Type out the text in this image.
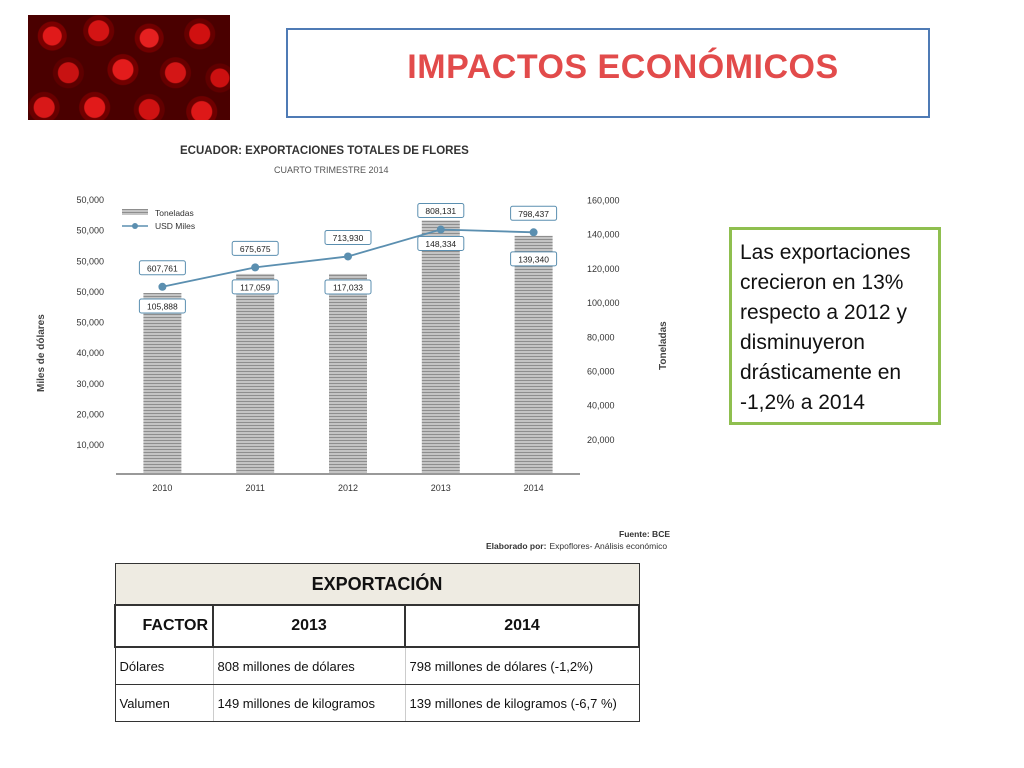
IMPACTOS ECONÓMICOS
ECUADOR: EXPORTACIONES TOTALES DE FLORES
CUARTO TRIMESTRE 2014
10,000
20,000
30,000
40,000
50,000
50,000
50,000
50,000
50,000
20,000
40,000
60,000
80,000
100,000
120,000
140,000
160,000
2010	2011	2012	2013	2014
607,761
675,675
713,930
808,131	798,437
105,888
117,059	117,033
148,334
139,340
Toneladas
USD Miles
Miles de dólares	Toneladas
Fuente: BCE
Elaborado por: Expoflores- Análisis económico
Las exportaciones crecieron en 13% respecto a 2012 y disminuyeron drásticamente en -1,2% a 2014
EXPORTACIÓN		
FACTOR	2013	2014
Dólares	808 millones de dólares	798 millones de dólares (-1,2%)
Valumen	149 millones de kilogramos	139 millones de kilogramos (-6,7 %)
